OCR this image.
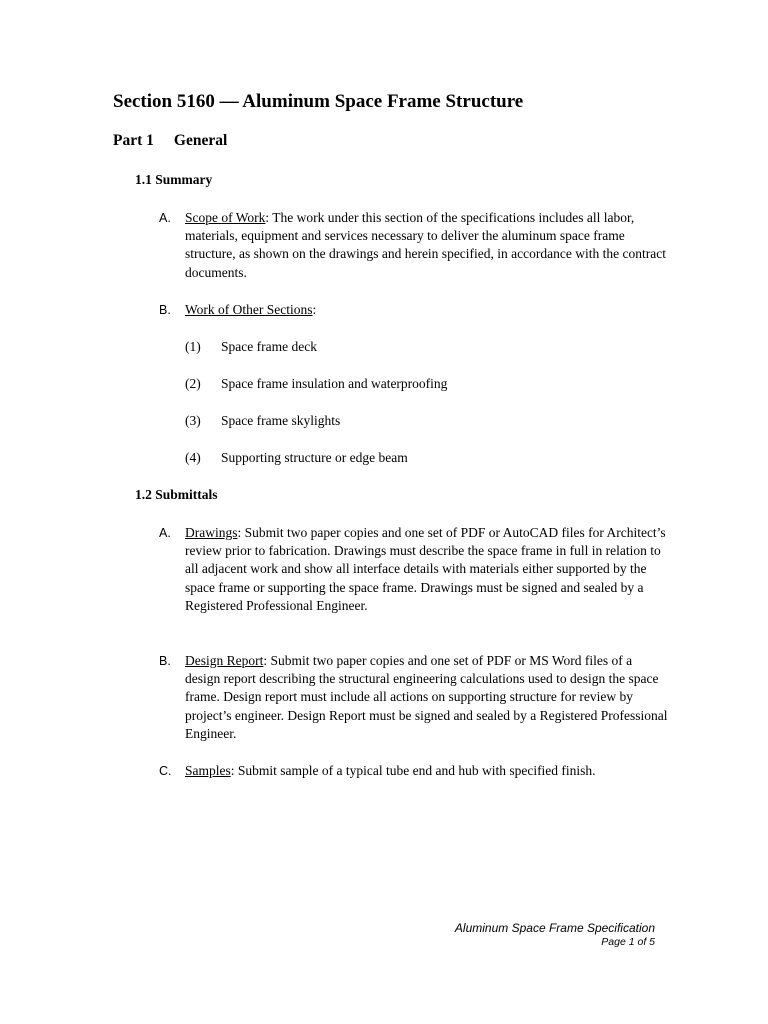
Section 5160 — Aluminum Space Frame Structure
Part 1 General
1.1 Summary
A. Scope of Work: The work under this section of the specifications includes all labor, materials, equipment and services necessary to deliver the aluminum space frame structure, as shown on the drawings and herein specified, in accordance with the contract documents.
B. Work of Other Sections:
(1) Space frame deck
(2) Space frame insulation and waterproofing
(3) Space frame skylights
(4) Supporting structure or edge beam
1.2 Submittals
A. Drawings: Submit two paper copies and one set of PDF or AutoCAD files for Architect’s review prior to fabrication. Drawings must describe the space frame in full in relation to all adjacent work and show all interface details with materials either supported by the space frame or supporting the space frame. Drawings must be signed and sealed by a Registered Professional Engineer.
B. Design Report: Submit two paper copies and one set of PDF or MS Word files of a design report describing the structural engineering calculations used to design the space frame. Design report must include all actions on supporting structure for review by project’s engineer. Design Report must be signed and sealed by a Registered Professional Engineer.
C. Samples: Submit sample of a typical tube end and hub with specified finish.
Aluminum Space Frame Specification
Page 1 of 5
